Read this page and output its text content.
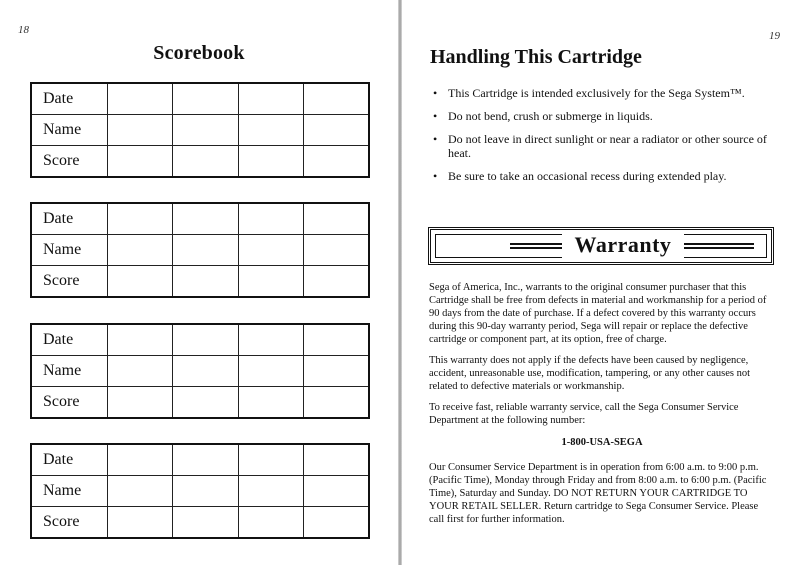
18
Scorebook
Date				
Name				
Score				
Date				
Name				
Score				
Date				
Name				
Score				
Date				
Name				
Score				
19
Handling This Cartridge
• This Cartridge is intended exclusively for the Sega System™.
• Do not bend, crush or submerge in liquids.
• Do not leave in direct sunlight or near a radiator or other source of heat.
• Be sure to take an occasional recess during extended play.
Warranty

Sega of America, Inc., warrants to the original consumer purchaser that this Cartridge shall be free from defects in material and workmanship for a period of 90 days from the date of purchase. If a defect covered by this warranty occurs during this 90-day warranty period, Sega will repair or replace the defective cartridge or component part, at its option, free of charge.

This warranty does not apply if the defects have been caused by negligence, accident, unreasonable use, modification, tampering, or any other causes not related to defective materials or workmanship.

To receive fast, reliable warranty service, call the Sega Consumer Service Department at the following number:

1-800-USA-SEGA

Our Consumer Service Department is in operation from 6:00 a.m. to 9:00 p.m. (Pacific Time), Monday through Friday and from 8:00 a.m. to 6:00 p.m. (Pacific Time), Saturday and Sunday. DO NOT RETURN YOUR CARTRIDGE TO YOUR RETAIL SELLER. Return cartridge to Sega Consumer Service. Please call first for further information.
